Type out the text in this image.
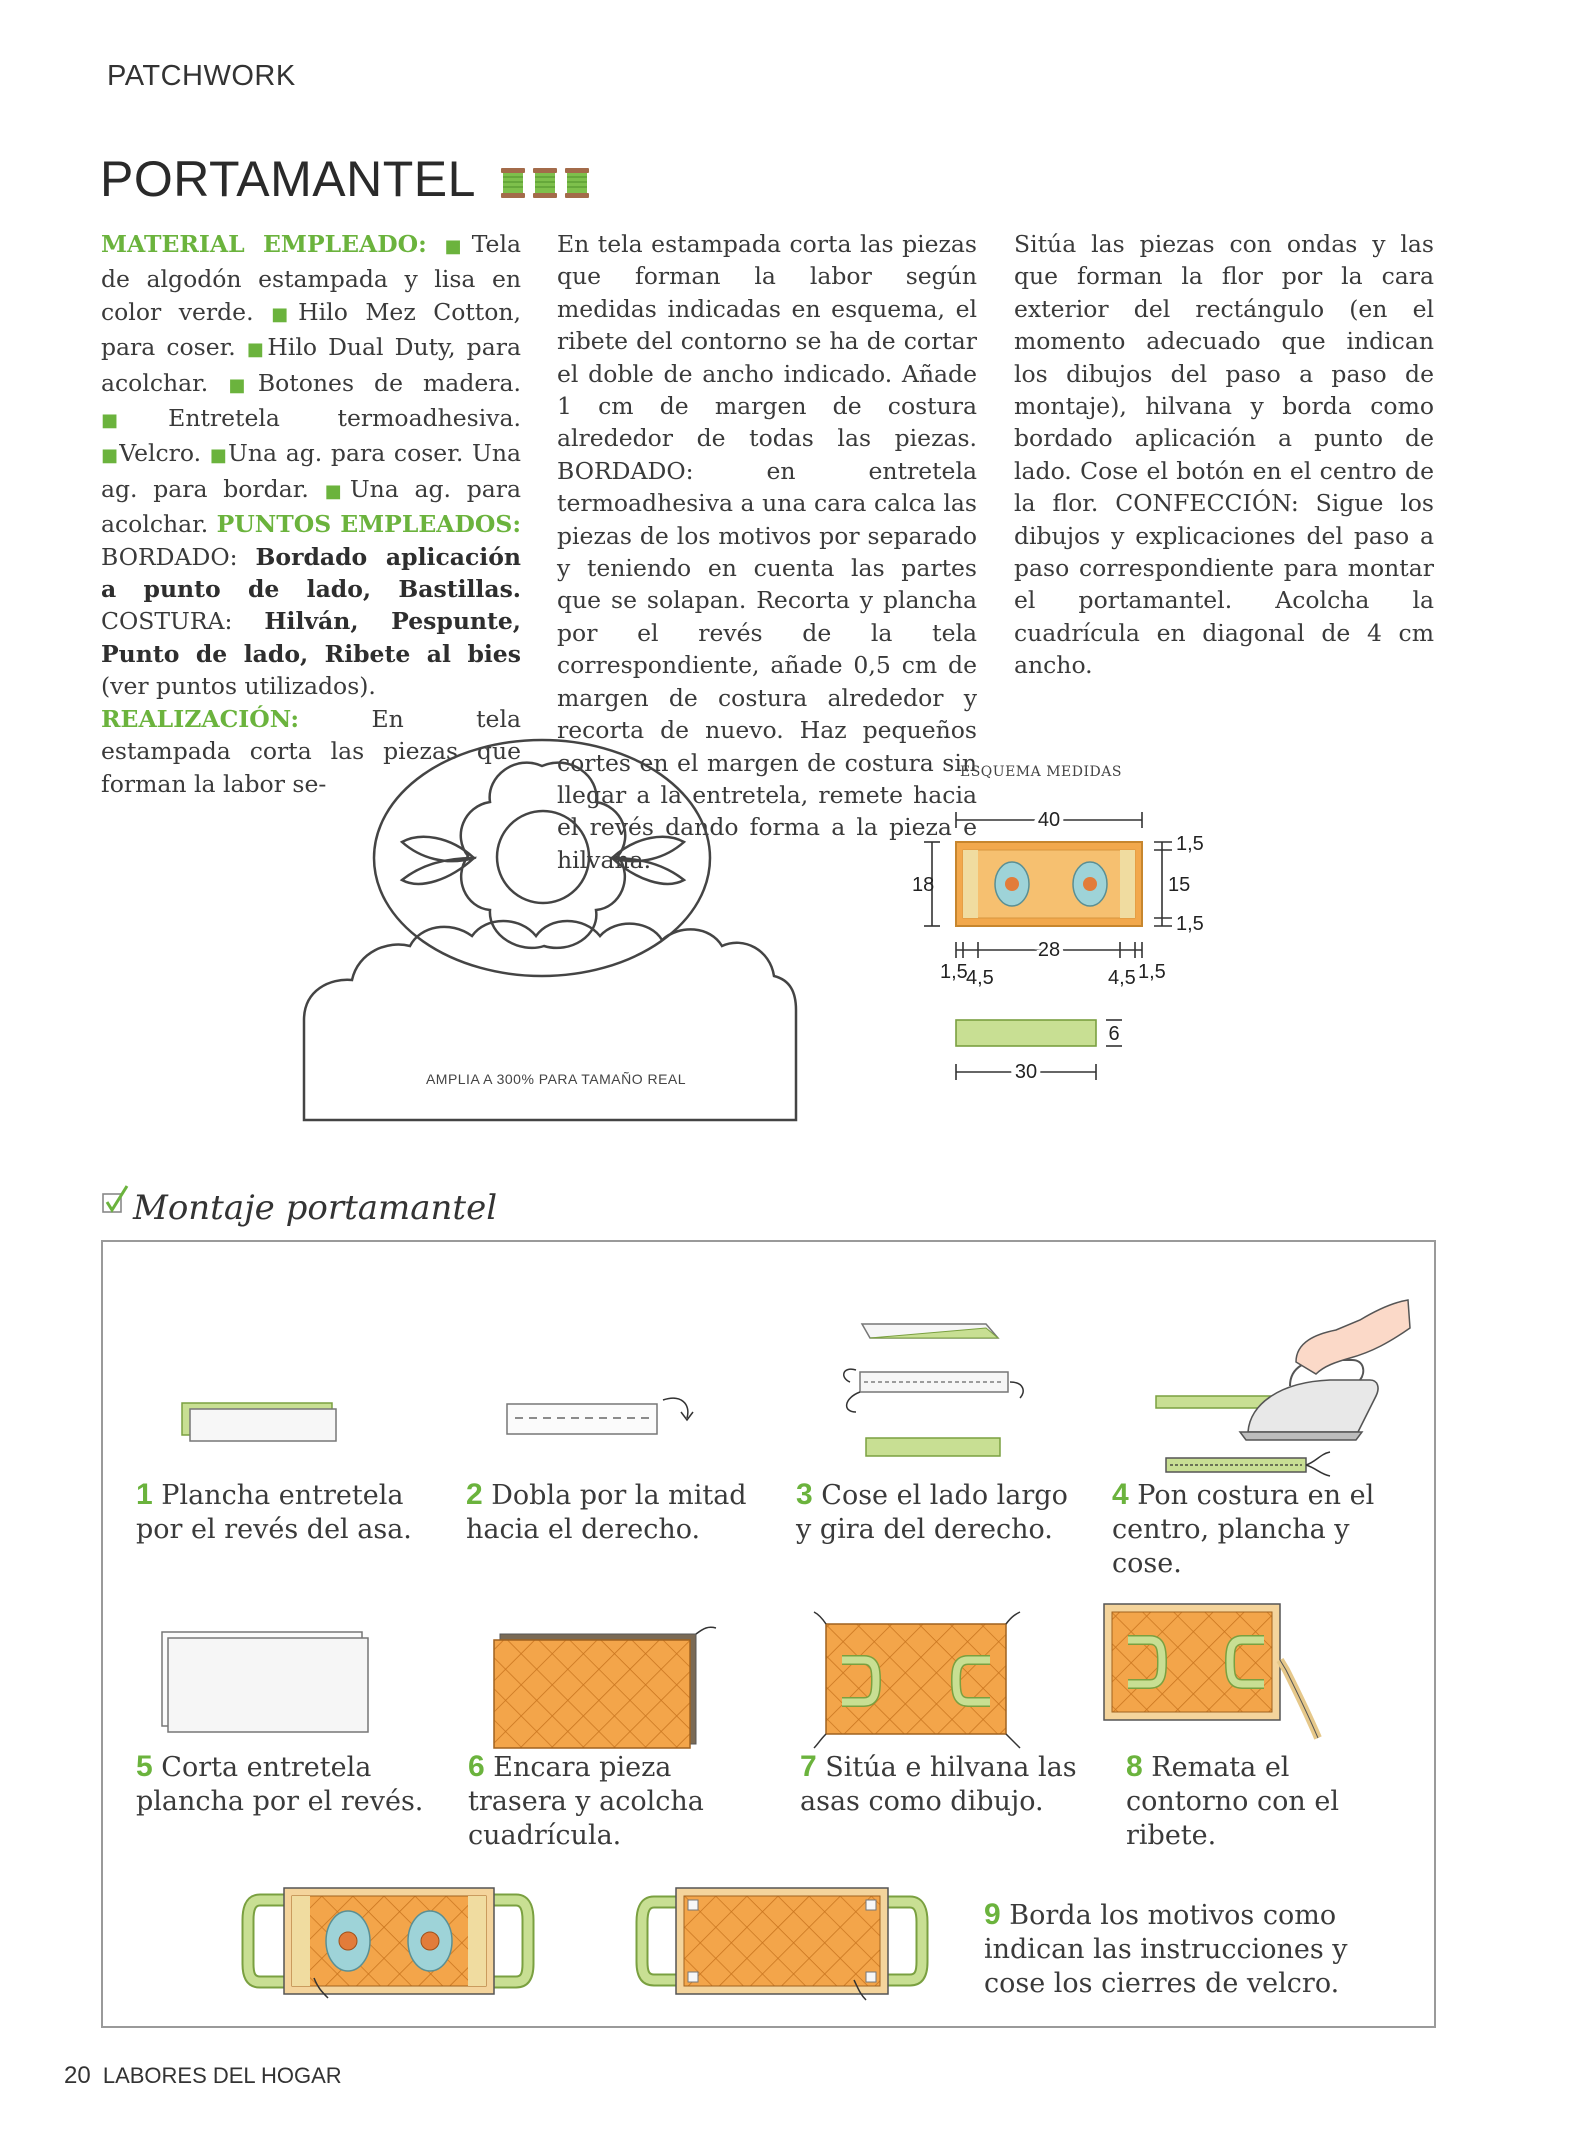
PATCHWORK
PORTAMANTEL

MATERIAL EMPLEADO: ■Tela de algodón estampada y lisa en color verde. ■Hilo Mez Cotton, para coser. ■Hilo Dual Duty, para acolchar. ■Botones de madera. ■Entretela termoadhesiva. ■Velcro. ■Una ag. para coser. Una ag. para bordar. ■Una ag. para acolchar. PUNTOS EMPLEADOS: BORDADO: Bordado aplicación a punto de lado, Bastillas. COSTURA: Hilván, Pespunte, Punto de lado, Ribete al bies (ver puntos utilizados).

REALIZACIÓN:	En tela estampada corta las piezas que forman la labor se-

En tela estampada corta las piezas que forman la labor según medidas indicadas en esquema, el ribete del contorno se ha de cortar el doble de ancho indicado. Añade 1 cm de margen de costura alrededor de todas las piezas. BORDADO: en entretela termoadhesiva a una cara calca las piezas de los motivos por separado y teniendo en cuenta las partes que se solapan. Recorta y plancha por el revés de la tela correspondiente, añade 0,5 cm de margen de costura alrededor y recorta de nuevo. Haz pequeños cortes en el margen de costura sin llegar a la entretela, remete hacia el revés dando forma a la pieza e hilvana.

Sitúa las piezas con ondas y las que forman la flor por la cara exterior del rectángulo (en el momento adecuado que indican los dibujos del paso a paso de montaje), hilvana y borda como bordado aplicación a punto de lado. Cose el botón en el centro de la flor. CONFECCIÓN: Sigue los dibujos y explicaciones del paso a paso correspondiente para montar el portamantel. Acolcha la cuadrícula en diagonal de 4 cm ancho.

AMPLIA A 300% PARA TAMAÑO REAL
ESQUEMA MEDIDAS
40
18	15
1,5
1,5
28
1,5
4,5	4,5 1,5
6
30
Montaje portamantel
1 Plancha entretela por el revés del asa.
2 Dobla por la mitad hacia el derecho.
3 Cose el lado largo y gira del derecho.
4 Pon costura en el centro, plancha y cose.
5 Corta entretela plancha por el revés.
6 Encara pieza trasera y acolcha cuadrícula.
7 Sitúa e hilvana las asas como dibujo.
8 Remata el contorno con el ribete.
9 Borda los motivos como indican las instrucciones y cose los cierres de velcro.
20 LABORES DEL HOGAR
